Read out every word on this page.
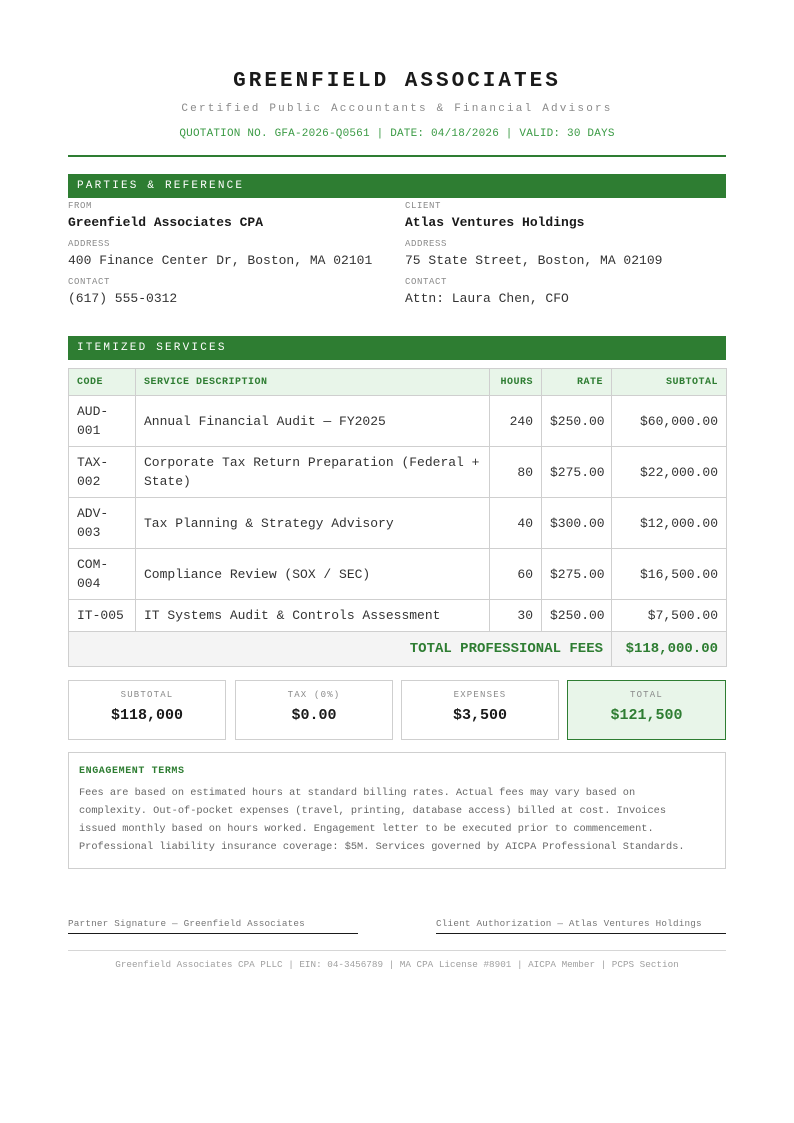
GREENFIELD ASSOCIATES
Certified Public Accountants & Financial Advisors
QUOTATION NO. GFA-2026-Q0561 | DATE: 04/18/2026 | VALID: 30 DAYS
PARTIES & REFERENCE
FROM
Greenfield Associates CPA
ADDRESS
400 Finance Center Dr, Boston, MA 02101
CONTACT
(617) 555-0312
CLIENT
Atlas Ventures Holdings
ADDRESS
75 State Street, Boston, MA 02109
CONTACT
Attn: Laura Chen, CFO
ITEMIZED SERVICES
CODE	SERVICE DESCRIPTION	HOURS	RATE	SUBTOTAL
AUD-001	Annual Financial Audit — FY2025	240	$250.00	$60,000.00
TAX-002	Corporate Tax Return Preparation (Federal + State)	80	$275.00	$22,000.00
ADV-003	Tax Planning & Strategy Advisory	40	$300.00	$12,000.00
COM-004	Compliance Review (SOX / SEC)	60	$275.00	$16,500.00
IT-005	IT Systems Audit & Controls Assessment	30	$250.00	$7,500.00
TOTAL PROFESSIONAL FEES				$118,000.00
SUBTOTAL
$118,000
TAX (0%)
$0.00
EXPENSES
$3,500
TOTAL
$121,500
ENGAGEMENT TERMS
Fees are based on estimated hours at standard billing rates. Actual fees may vary based on
complexity. Out-of-pocket expenses (travel, printing, database access) billed at cost. Invoices
issued monthly based on hours worked. Engagement letter to be executed prior to commencement.
Professional liability insurance coverage: $5M. Services governed by AICPA Professional Standards.
Partner Signature — Greenfield Associates	Client Authorization — Atlas Ventures Holdings
Greenfield Associates CPA PLLC | EIN: 04-3456789 | MA CPA License #8901 | AICPA Member | PCPS Section
